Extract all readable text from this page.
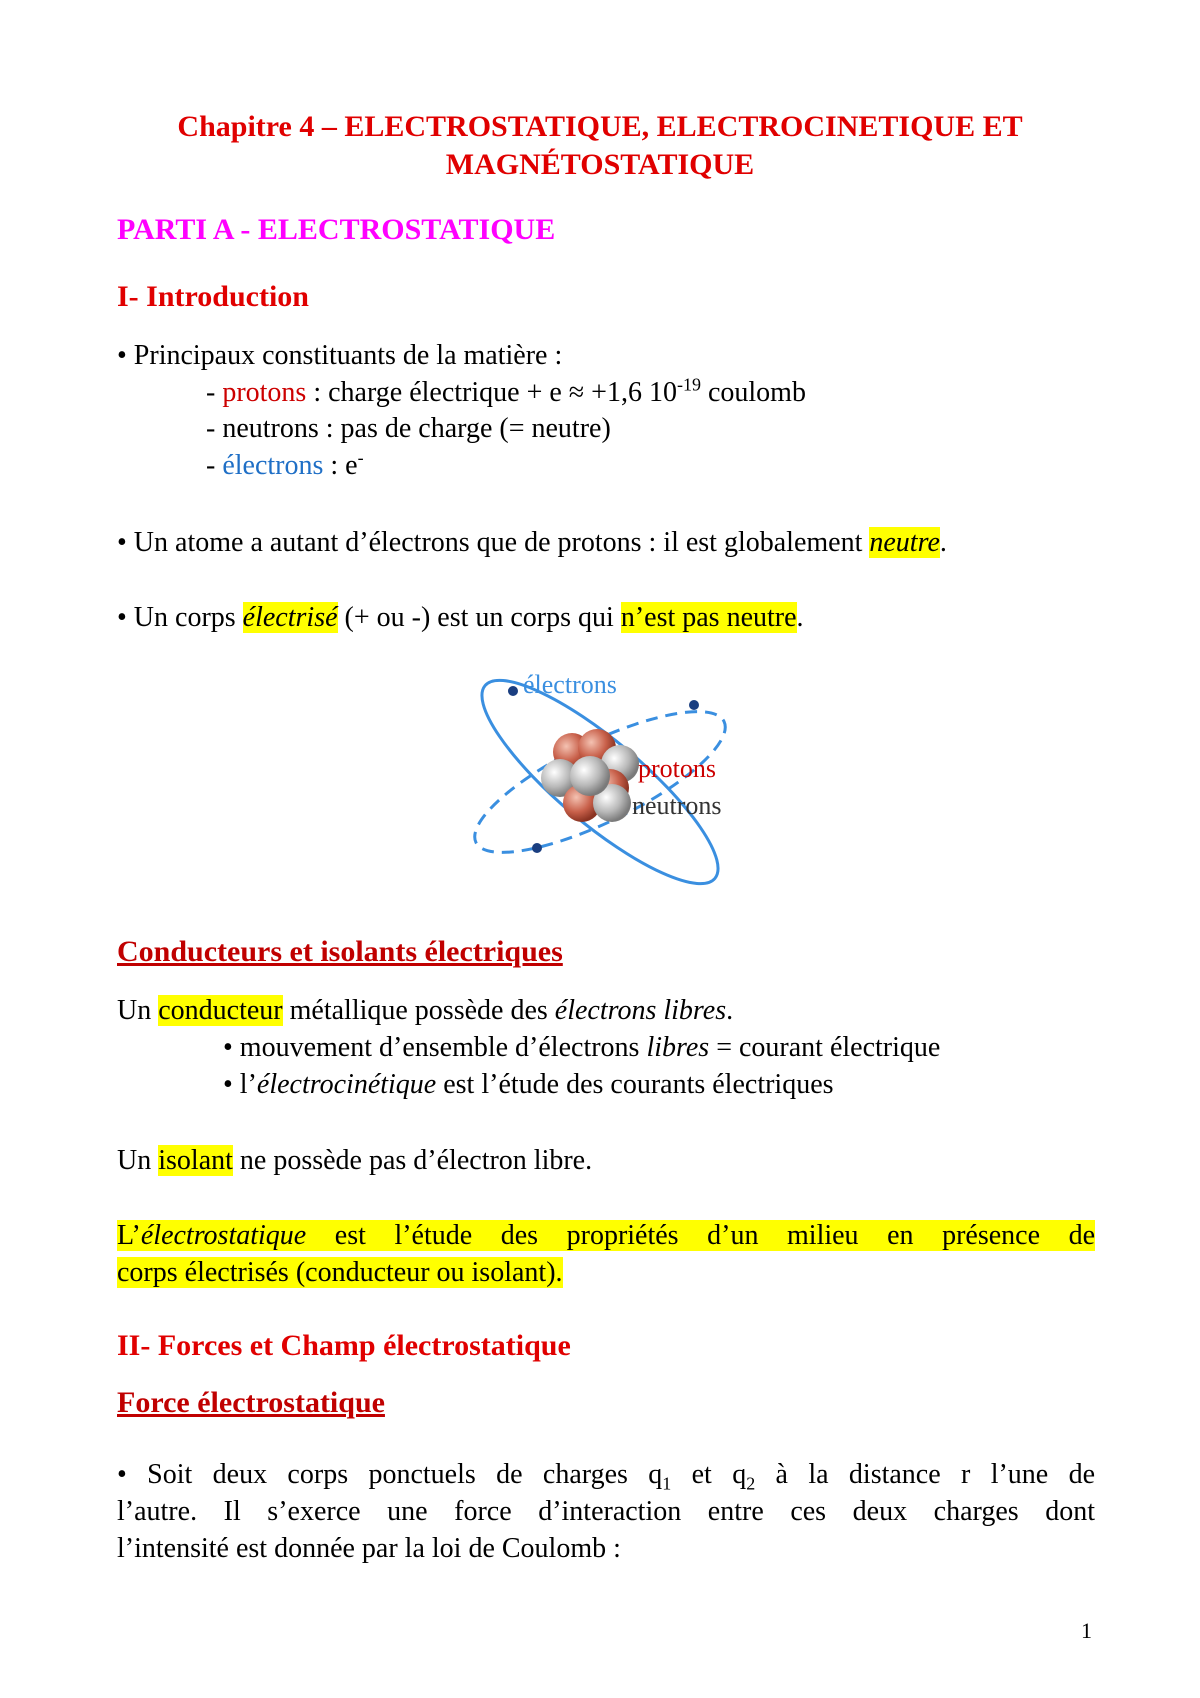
Chapitre 4 – ELECTROSTATIQUE, ELECTROCINETIQUE ET
MAGNÉTOSTATIQUE
PARTI A - ELECTROSTATIQUE
I- Introduction
• Principaux constituants de la matière :
- protons : charge électrique + e ≈ +1,6 $10^{-19}$ coulomb
- neutrons : pas de charge (= neutre)
- électrons : e-
• Un atome a autant d’électrons que de protons : il est globalement neutre.
• Un corps électrisé (+ ou -) est un corps qui n’est pas neutre.
électrons
protons
neutrons
Conducteurs et isolants électriques
Un conducteur métallique possède des électrons libres.
• mouvement d’ensemble d’électrons libres = courant électrique
• l’électrocinétique est l’étude des courants électriques
Un isolant ne possède pas d’électron libre.
L’électrostatique est l’étude des propriétés d’un milieu en présence de
corps électrisés (conducteur ou isolant).
II- Forces et Champ électrostatique
Force électrostatique
• Soit deux corps ponctuels de charges $q_1$ et $q_2$ à la distance r l’une de
l’autre. Il s’exerce une force d’interaction entre ces deux charges dont
l’intensité est donnée par la loi de Coulomb :
1
